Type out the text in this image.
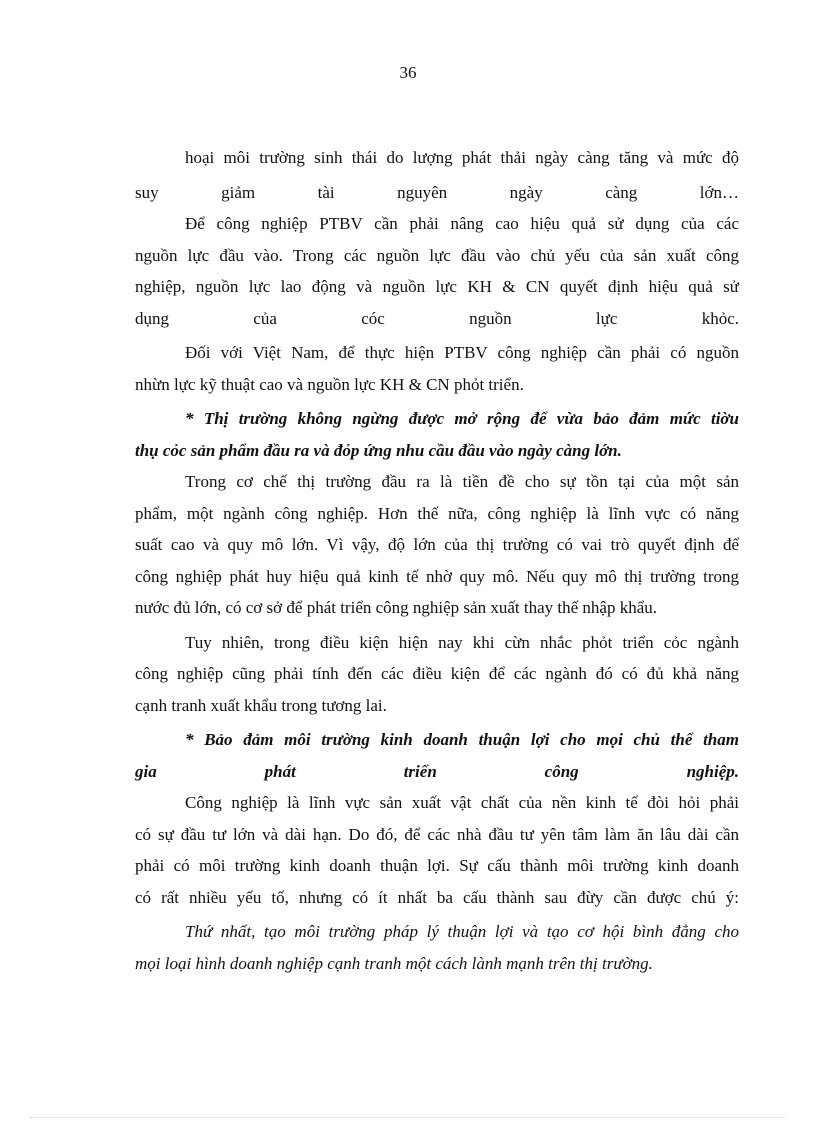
36
hoại môi trường sinh thái do lượng phát thải ngày càng tăng và mức độ
suy giảm tài nguyên ngày càng lớn…
Để công nghiệp PTBV cần phải nâng cao hiệu quả sử dụng của các
nguồn lực đầu vào. Trong các nguồn lực đầu vào chủ yếu của sản xuất công
nghiệp, nguồn lực lao động và nguồn lực KH & CN quyết định hiệu quả sử
dụng của cóc nguồn lực khỏc.
Đối với Việt Nam, để thực hiện PTBV công nghiệp cần phải có nguồn
nhừn lực kỹ thuật cao và nguồn lực KH & CN phỏt triển.
* Thị trường không ngừng được mở rộng để vừa bảo đảm mức tiờu
thụ cỏc sản phẩm đầu ra và đỏp ứng nhu cầu đầu vào ngày càng lớn.
Trong cơ chế thị trường đầu ra là tiền đề cho sự tồn tại của một sản
phẩm, một ngành công nghiệp. Hơn thế nữa, công nghiệp là lĩnh vực có năng
suất cao và quy mô lớn. Vì vậy, độ lớn của thị trường có vai trò quyết định để
công nghiệp phát huy hiệu quả kinh tế nhờ quy mô. Nếu quy mô thị trường trong
nước đủ lớn, có cơ sở để phát triển công nghiệp sản xuất thay thế nhập khẩu.
Tuy nhiên, trong điều kiện hiện nay khi cừn nhắc phỏt triển cỏc ngành
công nghiệp cũng phải tính đến các điều kiện để các ngành đó có đủ khả năng
cạnh tranh xuất khẩu trong tương lai.
* Bảo đảm môi trường kinh doanh thuận lợi cho mọi chủ thể tham
gia phát triển công nghiệp.
Công nghiệp là lĩnh vực sản xuất vật chất của nền kinh tế đòi hỏi phải
có sự đầu tư lớn và dài hạn. Do đó, để các nhà đầu tư yên tâm làm ăn lâu dài cần
phải có môi trường kinh doanh thuận lợi. Sự cấu thành môi trường kinh doanh
có rất nhiều yếu tố, nhưng có ít nhất ba cấu thành sau đừy cần được chú ý:
Thứ nhất, tạo môi trường pháp lý thuận lợi và tạo cơ hội bình đẳng cho
mọi loại hình doanh nghiệp cạnh tranh một cách lành mạnh trên thị trường.
